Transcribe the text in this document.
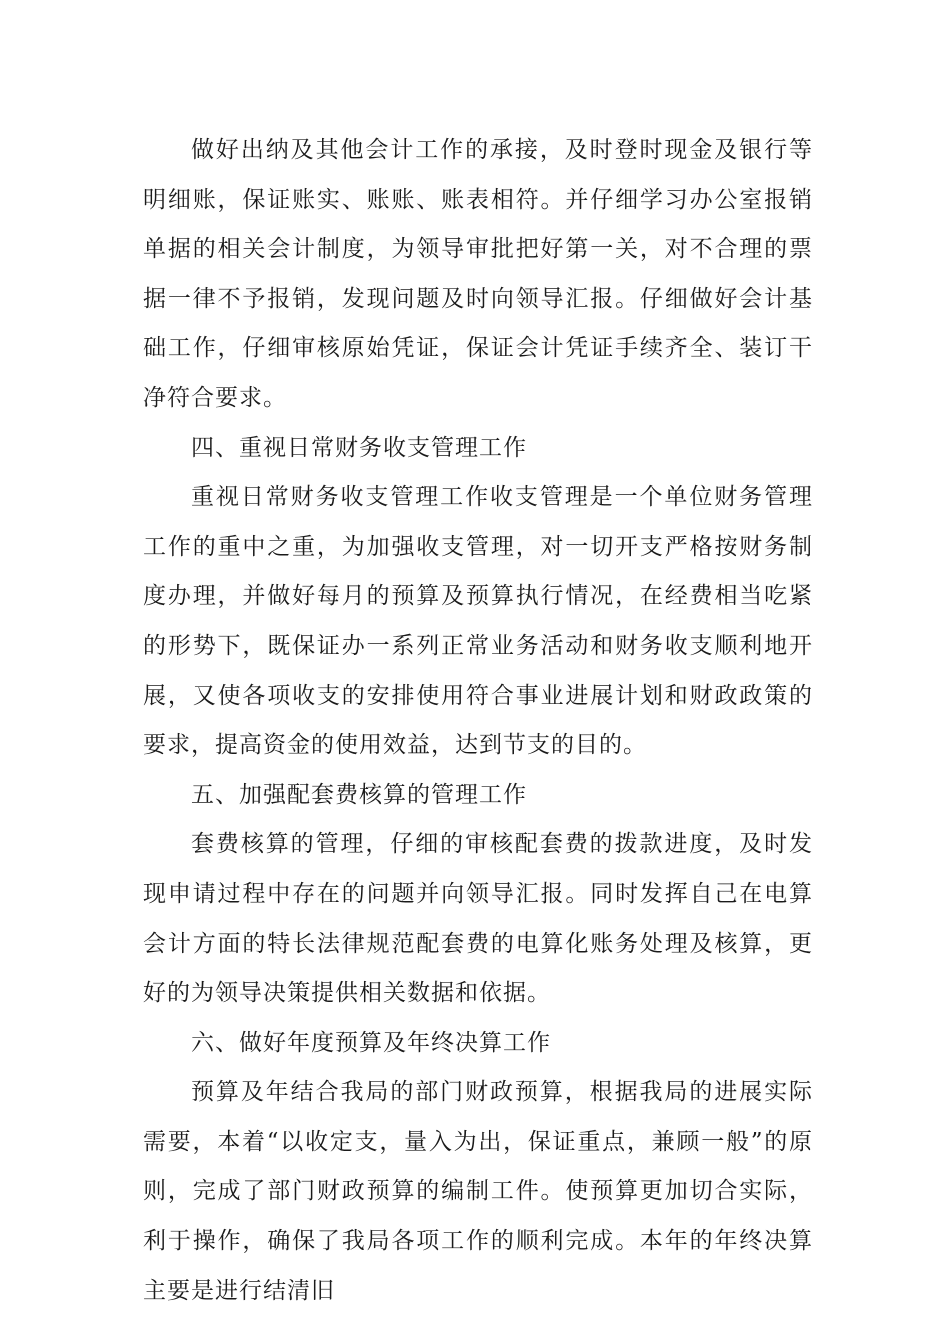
做好出纳及其他会计工作的承接，及时登时现金及银行等明细账，保证账实、账账、账表相符。并仔细学习办公室报销单据的相关会计制度，为领导审批把好第一关，对不合理的票据一律不予报销，发现问题及时向领导汇报。仔细做好会计基础工作，仔细审核原始凭证，保证会计凭证手续齐全、装订干净符合要求。

四、重视日常财务收支管理工作

重视日常财务收支管理工作收支管理是一个单位财务管理工作的重中之重，为加强收支管理，对一切开支严格按财务制度办理，并做好每月的预算及预算执行情况，在经费相当吃紧的形势下，既保证办一系列正常业务活动和财务收支顺利地开展，又使各项收支的安排使用符合事业进展计划和财政政策的要求，提高资金的使用效益，达到节支的目的。

五、加强配套费核算的管理工作

套费核算的管理，仔细的审核配套费的拨款进度，及时发现申请过程中存在的问题并向领导汇报。同时发挥自己在电算会计方面的特长法律规范配套费的电算化账务处理及核算，更好的为领导决策提供相关数据和依据。

六、做好年度预算及年终决算工作

预算及年结合我局的部门财政预算，根据我局的进展实际需要，本着“以收定支，量入为出，保证重点，兼顾一般”的原则，完成了部门财政预算的编制工件。使预算更加切合实际，利于操作，确保了我局各项工作的顺利完成。本年的年终决算主要是进行结清旧
